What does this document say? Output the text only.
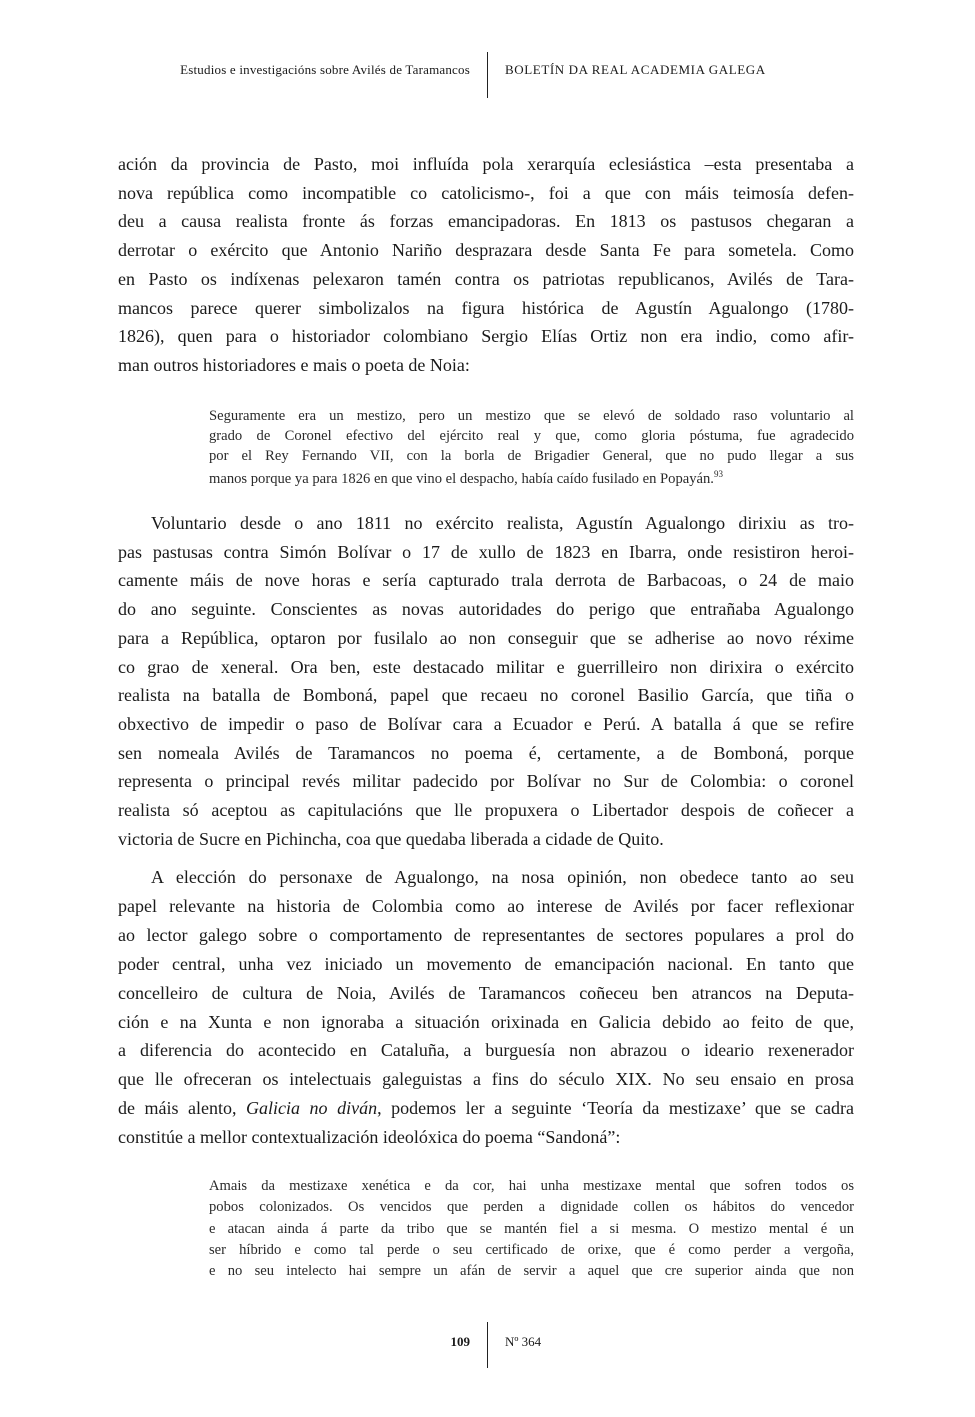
Estudios e investigacións sobre Avilés de Taramancos	BOLETÍN DA REAL ACADEMIA GALEGA
ación da provincia de Pasto, moi influída pola xerarquía eclesiástica –esta presentaba a
nova república como incompatible co catolicismo-, foi a que con máis teimosía defen-
deu a causa realista fronte ás forzas emancipadoras. En 1813 os pastusos chegaran a
derrotar o exército que Antonio Nariño desprazara desde Santa Fe para sometela. Como
en Pasto os indíxenas pelexaron tamén contra os patriotas republicanos, Avilés de Tara-
mancos parece querer simbolizalos na figura histórica de Agustín Agualongo (1780-
1826), quen para o historiador colombiano Sergio Elías Ortiz non era indio, como afir-
man outros historiadores e mais o poeta de Noia:
Seguramente era un mestizo, pero un mestizo que se elevó de soldado raso voluntario al
grado de Coronel efectivo del ejército real y que, como gloria póstuma, fue agradecido
por el Rey Fernando VII, con la borla de Brigadier General, que no pudo llegar a sus
manos porque ya para 1826 en que vino el despacho, había caído fusilado en Popayán.$^{93}$
Voluntario desde o ano 1811 no exército realista, Agustín Agualongo dirixiu as tro-
pas pastusas contra Simón Bolívar o 17 de xullo de 1823 en Ibarra, onde resistiron heroi-
camente máis de nove horas e sería capturado trala derrota de Barbacoas, o 24 de maio
do ano seguinte. Conscientes as novas autoridades do perigo que entrañaba Agualongo
para a República, optaron por fusilalo ao non conseguir que se adherise ao novo réxime
co grao de xeneral. Ora ben, este destacado militar e guerrilleiro non dirixira o exército
realista na batalla de Bomboná, papel que recaeu no coronel Basilio García, que tiña o
obxectivo de impedir o paso de Bolívar cara a Ecuador e Perú. A batalla á que se refire
sen nomeala Avilés de Taramancos no poema é, certamente, a de Bomboná, porque
representa o principal revés militar padecido por Bolívar no Sur de Colombia: o coronel
realista só aceptou as capitulacións que lle propuxera o Libertador despois de coñecer a
victoria de Sucre en Pichincha, coa que quedaba liberada a cidade de Quito.
A elección do personaxe de Agualongo, na nosa opinión, non obedece tanto ao seu
papel relevante na historia de Colombia como ao interese de Avilés por facer reflexionar
ao lector galego sobre o comportamento de representantes de sectores populares a prol do
poder central, unha vez iniciado un movemento de emancipación nacional. En tanto que
concelleiro de cultura de Noia, Avilés de Taramancos coñeceu ben atrancos na Deputa-
ción e na Xunta e non ignoraba a situación orixinada en Galicia debido ao feito de que,
a diferencia do acontecido en Cataluña, a burguesía non abrazou o ideario rexenerador
que lle ofreceran os intelectuais galeguistas a fins do século XIX. No seu ensaio en prosa
de máis alento, Galicia no diván, podemos ler a seguinte ‘Teoría da mestizaxe’ que se cadra
constitúe a mellor contextualización ideolóxica do poema “Sandoná”:
Amais da mestizaxe xenética e da cor, hai unha mestizaxe mental que sofren todos os
pobos colonizados. Os vencidos que perden a dignidade collen os hábitos do vencedor
e atacan ainda á parte da tribo que se mantén fiel a si mesma. O mestizo mental é un
ser híbrido e como tal perde o seu certificado de orixe, que é como perder a vergoña,
e no seu intelecto hai sempre un afán de servir a aquel que cre superior ainda que non
109	Nº 364
